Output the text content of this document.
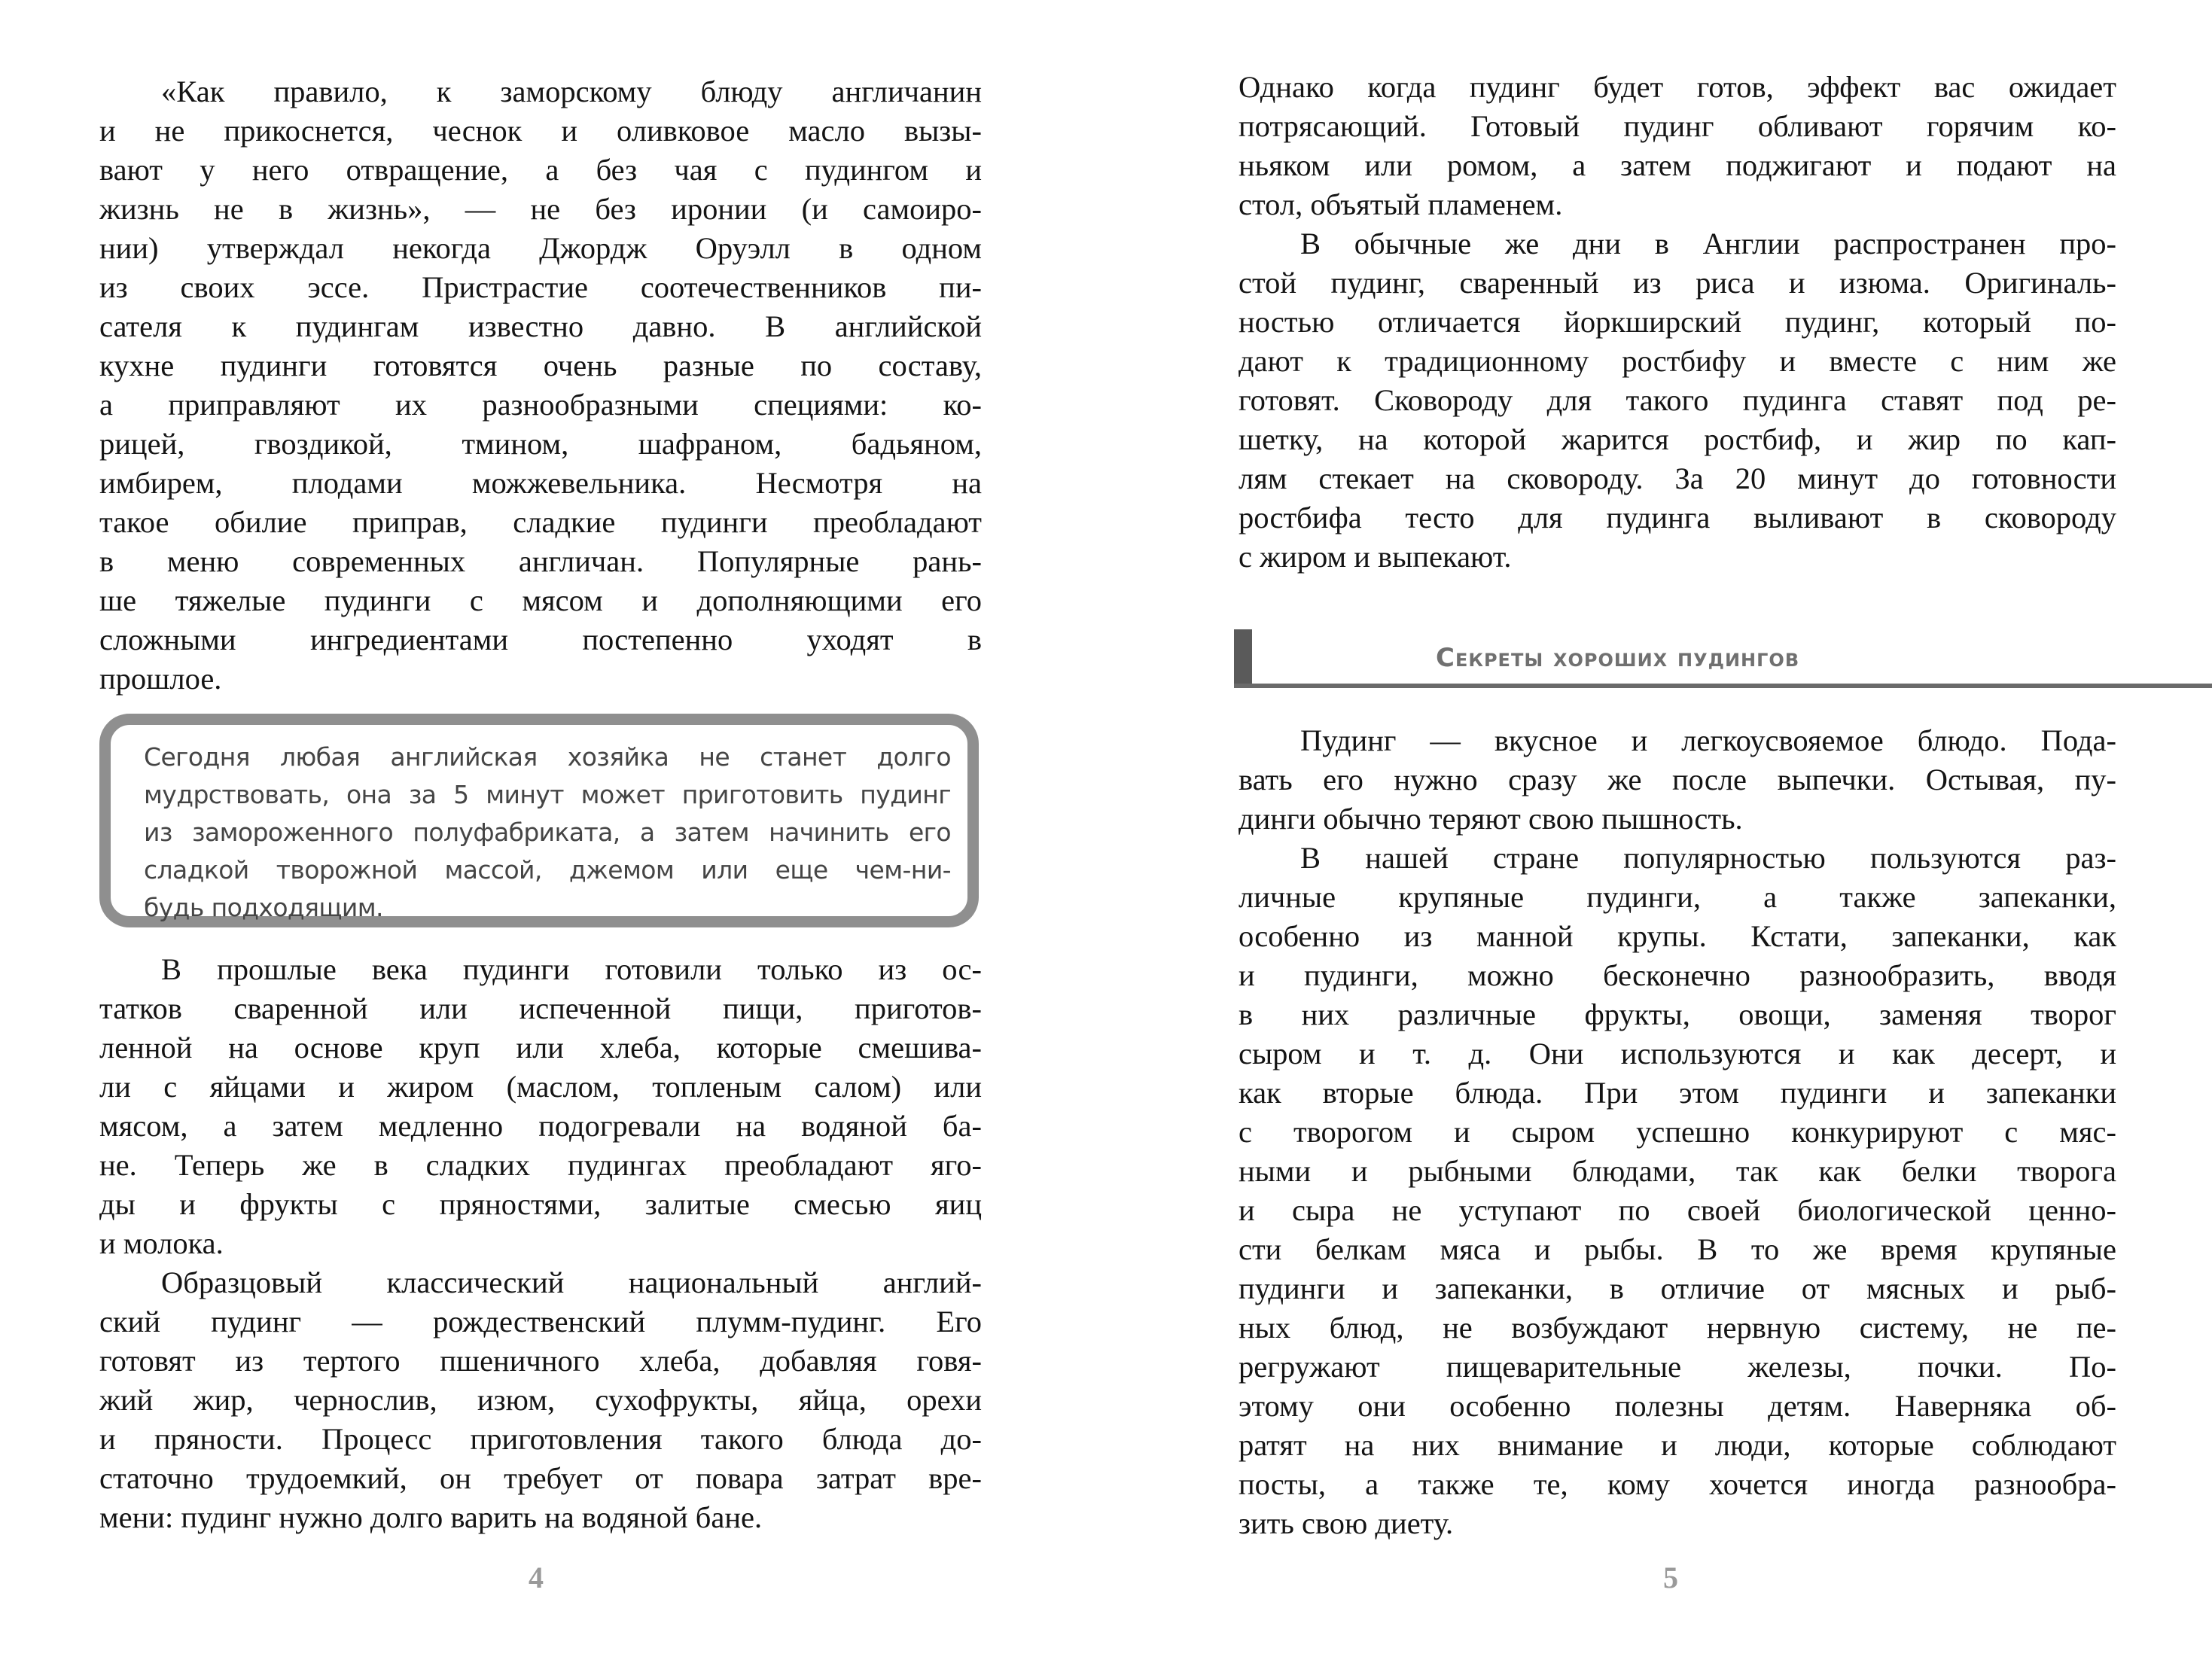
«Как правило, к заморскому блюду англичанин
и не прикоснется, чеснок и оливковое масло вызы-
вают у него отвращение, а без чая с пудингом и
жизнь не в жизнь», — не без иронии (и самоиро-
нии) утверждал некогда Джордж Оруэлл в одном
из своих эссе. Пристрастие соотечественников пи-
сателя к пудингам известно давно. В английской
кухне пудинги готовятся очень разные по составу,
а приправляют их разнообразными специями: ко-
рицей, гвоздикой, тмином, шафраном, бадьяном,
имбирем, плодами можжевельника. Несмотря на
такое обилие приправ, сладкие пудинги преобладают
в меню современных англичан. Популярные рань-
ше тяжелые пудинги с мясом и дополняющими его
сложными ингредиентами постепенно уходят в
прошлое.
Сегодня любая английская хозяйка не станет долго
мудрствовать, она за 5 минут может приготовить пудинг
из замороженного полуфабриката, а затем начинить его
сладкой творожной массой, джемом или еще чем-ни-
будь подходящим.
В прошлые века пудинги готовили только из ос-
татков сваренной или испеченной пищи, приготов-
ленной на основе круп или хлеба, которые смешива-
ли с яйцами и жиром (маслом, топленым салом) или
мясом, а затем медленно подогревали на водяной ба-
не. Теперь же в сладких пудингах преобладают яго-
ды и фрукты с пряностями, залитые смесью яиц
и молока.
Образцовый классический национальный англий-
ский пудинг — рождественский плумм-пудинг. Его
готовят из тертого пшеничного хлеба, добавляя говя-
жий жир, чернослив, изюм, сухофрукты, яйца, орехи
и пряности. Процесс приготовления такого блюда до-
статочно трудоемкий, он требует от повара затрат вре-
мени: пудинг нужно долго варить на водяной бане.
4
Однако когда пудинг будет готов, эффект вас ожидает
потрясающий. Готовый пудинг обливают горячим ко-
ньяком или ромом, а затем поджигают и подают на
стол, объятый пламенем.
В обычные же дни в Англии распространен про-
стой пудинг, сваренный из риса и изюма. Оригиналь-
ностью отличается йоркширский пудинг, который по-
дают к традиционному ростбифу и вместе с ним же
готовят. Сковороду для такого пудинга ставят под ре-
шетку, на которой жарится ростбиф, и жир по кап-
лям стекает на сковороду. За 20 минут до готовности
ростбифа тесто для пудинга выливают в сковороду
с жиром и выпекают.
Секреты хороших пудингов
Пудинг — вкусное и легкоусвояемое блюдо. Пода-
вать его нужно сразу же после выпечки. Остывая, пу-
динги обычно теряют свою пышность.
В нашей стране популярностью пользуются раз-
личные крупяные пудинги, а также запеканки,
особенно из манной крупы. Кстати, запеканки, как
и пудинги, можно бесконечно разнообразить, вводя
в них различные фрукты, овощи, заменяя творог
сыром и т. д. Они используются и как десерт, и
как вторые блюда. При этом пудинги и запеканки
с творогом и сыром успешно конкурируют с мяс-
ными и рыбными блюдами, так как белки творога
и сыра не уступают по своей биологической ценно-
сти белкам мяса и рыбы. В то же время крупяные
пудинги и запеканки, в отличие от мясных и рыб-
ных блюд, не возбуждают нервную систему, не пе-
регружают пищеварительные железы, почки. По-
этому они особенно полезны детям. Наверняка об-
ратят на них внимание и люди, которые соблюдают
посты, а также те, кому хочется иногда разнообра-
зить свою диету.
5
